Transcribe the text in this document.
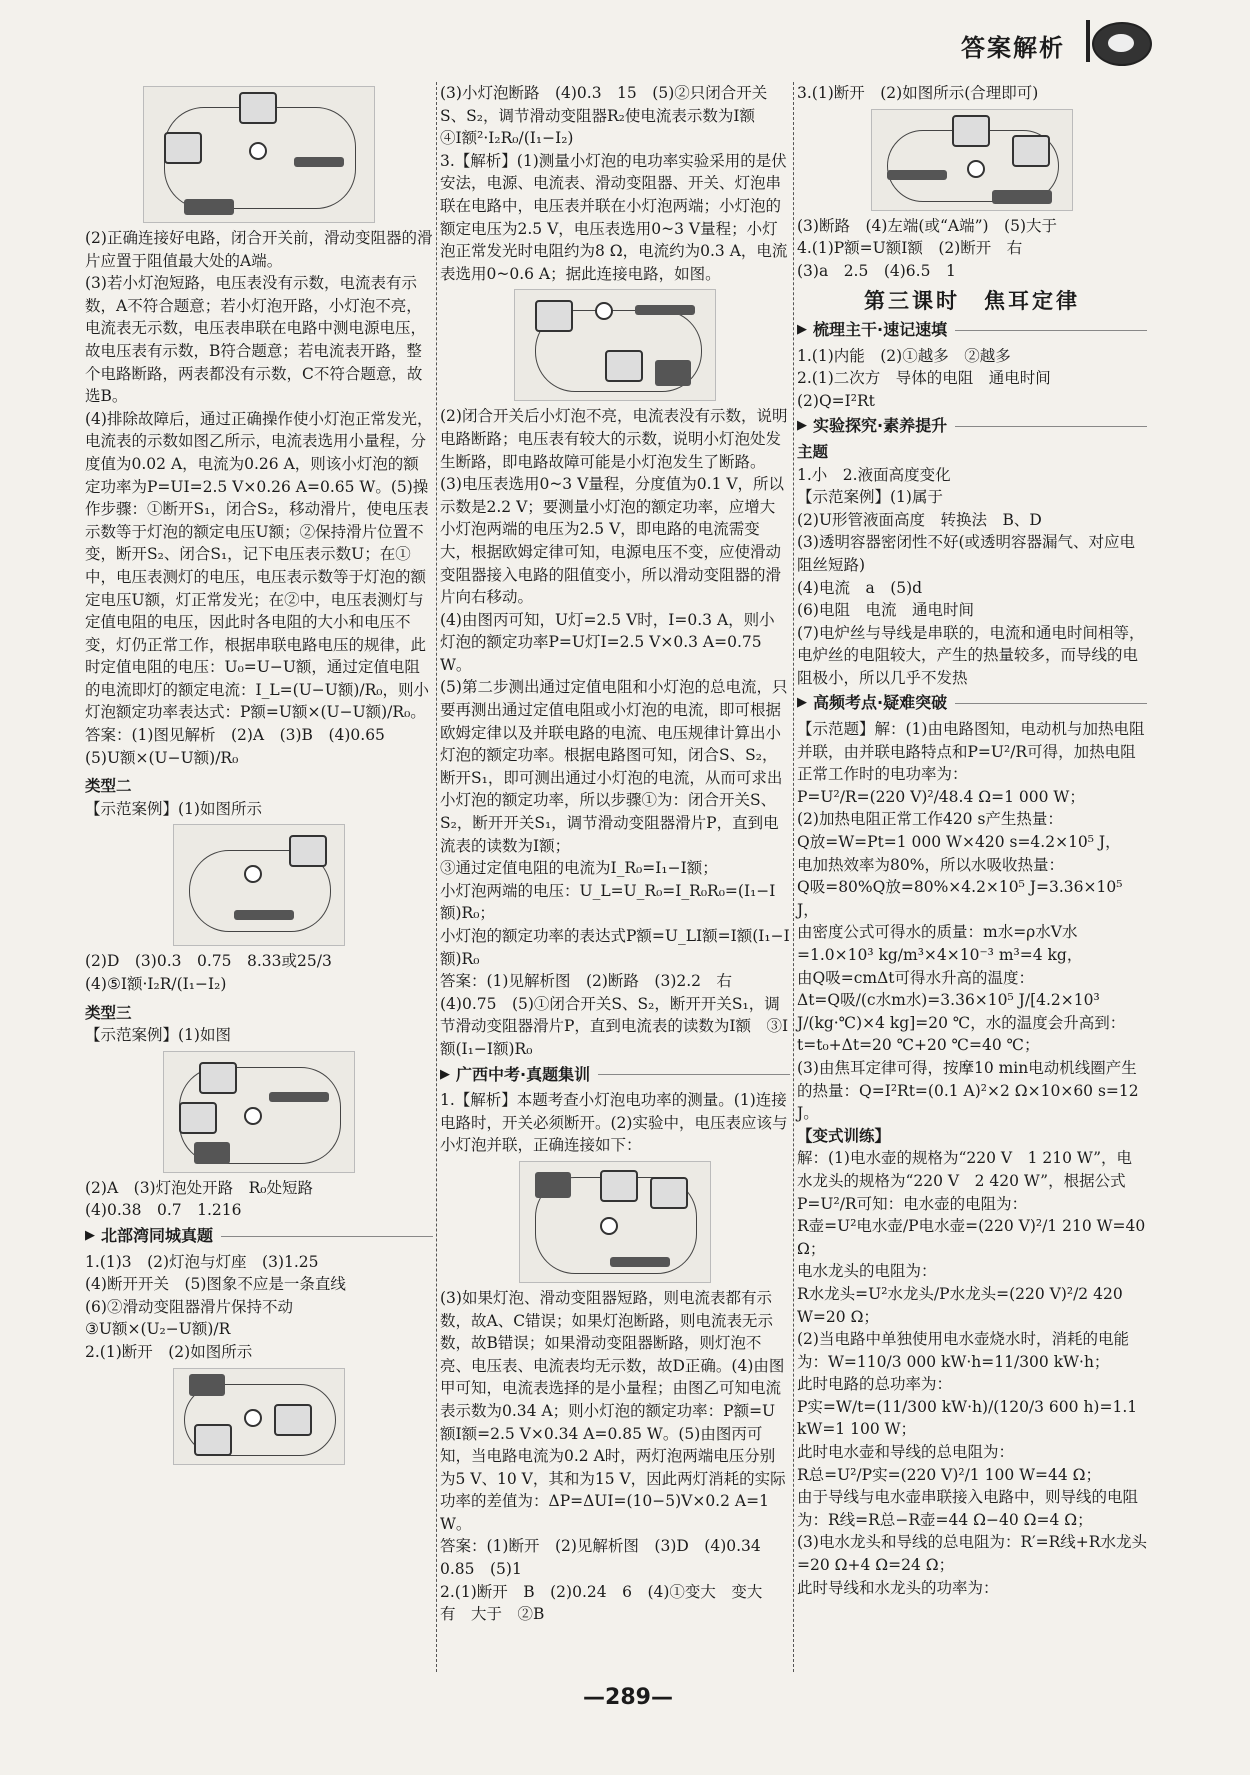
答案解析

(2)正确连接好电路，闭合开关前，滑动变阻器的滑片应置于阻值最大处的A端。

(3)若小灯泡短路，电压表没有示数，电流表有示数，A不符合题意；若小灯泡开路，小灯泡不亮，电流表无示数，电压表串联在电路中测电源电压，故电压表有示数，B符合题意；若电流表开路，整个电路断路，两表都没有示数，C不符合题意，故选B。

(4)排除故障后，通过正确操作使小灯泡正常发光，电流表的示数如图乙所示，电流表选用小量程，分度值为0.02 A，电流为0.26 A，则该小灯泡的额定功率为P=UI=2.5 V×0.26 A=0.65 W。(5)操作步骤：①断开S₁，闭合S₂，移动滑片，使电压表示数等于灯泡的额定电压U额；②保持滑片位置不变，断开S₂、闭合S₁，记下电压表示数U；在①中，电压表测灯的电压，电压表示数等于灯泡的额定电压U额，灯正常发光；在②中，电压表测灯与定值电阻的电压，因此时各电阻的大小和电压不变，灯仍正常工作，根据串联电路电压的规律，此时定值电阻的电压：U₀=U−U额，通过定值电阻的电流即灯的额定电流：I_L=(U−U额)/R₀，则小灯泡额定功率表达式：P额=U额×(U−U额)/R₀。

答案：(1)图见解析　(2)A　(3)B　(4)0.65

(5)U额×(U−U额)/R₀

类型二

【示范案例】(1)如图所示

(2)D　(3)0.3　0.75　8.33或25/3

(4)⑤I额·I₂R/(I₁−I₂)

类型三

【示范案例】(1)如图

(2)A　(3)灯泡处开路　R₀处短路

(4)0.38　0.7　1.216

▶ 北部湾同城真题

1.(1)3　(2)灯泡与灯座　(3)1.25

(4)断开开关　(5)图象不应是一条直线

(6)②滑动变阻器滑片保持不动

③U额×(U₂−U额)/R

2.(1)断开　(2)如图所示

(3)小灯泡断路　(4)0.3　15　(5)②只闭合开关S、S₂，调节滑动变阻器R₂使电流表示数为I额　④I额²·I₂R₀/(I₁−I₂)

3.【解析】(1)测量小灯泡的电功率实验采用的是伏安法，电源、电流表、滑动变阻器、开关、灯泡串联在电路中，电压表并联在小灯泡两端；小灯泡的额定电压为2.5 V，电压表选用0~3 V量程；小灯泡正常发光时电阻约为8 Ω，电流约为0.3 A，电流表选用0~0.6 A；据此连接电路，如图。

(2)闭合开关后小灯泡不亮，电流表没有示数，说明电路断路；电压表有较大的示数，说明小灯泡处发生断路，即电路故障可能是小灯泡发生了断路。

(3)电压表选用0~3 V量程，分度值为0.1 V，所以示数是2.2 V；要测量小灯泡的额定功率，应增大小灯泡两端的电压为2.5 V，即电路的电流需变大，根据欧姆定律可知，电源电压不变，应使滑动变阻器接入电路的阻值变小，所以滑动变阻器的滑片向右移动。

(4)由图丙可知，U灯=2.5 V时，I=0.3 A，则小灯泡的额定功率P=U灯I=2.5 V×0.3 A=0.75 W。

(5)第二步测出通过定值电阻和小灯泡的总电流，只要再测出通过定值电阻或小灯泡的电流，即可根据欧姆定律以及并联电路的电流、电压规律计算出小灯泡的额定功率。根据电路图可知，闭合S、S₂，断开S₁，即可测出通过小灯泡的电流，从而可求出小灯泡的额定功率，所以步骤①为：闭合开关S、S₂，断开开关S₁，调节滑动变阻器滑片P，直到电流表的读数为I额；

③通过定值电阻的电流为I_R₀=I₁−I额；

小灯泡两端的电压：U_L=U_R₀=I_R₀R₀=(I₁−I额)R₀；

小灯泡的额定功率的表达式P额=U_LI额=I额(I₁−I额)R₀

答案：(1)见解析图　(2)断路　(3)2.2　右　(4)0.75　(5)①闭合开关S、S₂，断开开关S₁，调节滑动变阻器滑片P，直到电流表的读数为I额　③I额(I₁−I额)R₀

▶ 广西中考·真题集训

1.【解析】本题考查小灯泡电功率的测量。(1)连接电路时，开关必须断开。(2)实验中，电压表应该与小灯泡并联，正确连接如下：

(3)如果灯泡、滑动变阻器短路，则电流表都有示数，故A、C错误；如果灯泡断路，则电流表无示数，故B错误；如果滑动变阻器断路，则灯泡不亮、电压表、电流表均无示数，故D正确。(4)由图甲可知，电流表选择的是小量程；由图乙可知电流表示数为0.34 A；则小灯泡的额定功率：P额=U额I额=2.5 V×0.34 A=0.85 W。(5)由图丙可知，当电路电流为0.2 A时，两灯泡两端电压分别为5 V、10 V，其和为15 V，因此两灯消耗的实际功率的差值为：ΔP=ΔUI=(10−5)V×0.2 A=1 W。

答案：(1)断开　(2)见解析图　(3)D　(4)0.34　0.85　(5)1

2.(1)断开　B　(2)0.24　6　(4)①变大　变大　有　大于　②B

3.(1)断开　(2)如图所示(合理即可)

(3)断路　(4)左端(或“A端”)　(5)大于

4.(1)P额=U额I额　(2)断开　右

(3)a　2.5　(4)6.5　1

第三课时　焦耳定律
▶ 梳理主干·速记速填

1.(1)内能　(2)①越多　②越多

2.(1)二次方　导体的电阻　通电时间

(2)Q=I²Rt

▶ 实验探究·素养提升

主题

1.小　2.液面高度变化

【示范案例】(1)属于

(2)U形管液面高度　转换法　B、D

(3)透明容器密闭性不好(或透明容器漏气、对应电阻丝短路)

(4)电流　a　(5)d

(6)电阻　电流　通电时间

(7)电炉丝与导线是串联的，电流和通电时间相等，电炉丝的电阻较大，产生的热量较多，而导线的电阻极小，所以几乎不发热

▶ 高频考点·疑难突破

【示范题】解：(1)由电路图知，电动机与加热电阻并联，由并联电路特点和P=U²/R可得，加热电阻正常工作时的电功率为：

P=U²/R=(220 V)²/48.4 Ω=1 000 W；

(2)加热电阻正常工作420 s产生热量：

Q放=W=Pt=1 000 W×420 s=4.2×10⁵ J，

电加热效率为80%，所以水吸收热量：

Q吸=80%Q放=80%×4.2×10⁵ J=3.36×10⁵ J，

由密度公式可得水的质量：m水=ρ水V水=1.0×10³ kg/m³×4×10⁻³ m³=4 kg，

由Q吸=cmΔt可得水升高的温度：

Δt=Q吸/(c水m水)=3.36×10⁵ J/[4.2×10³ J/(kg·℃)×4 kg]=20 ℃，水的温度会升高到：t=t₀+Δt=20 ℃+20 ℃=40 ℃；

(3)由焦耳定律可得，按摩10 min电动机线圈产生的热量：Q=I²Rt=(0.1 A)²×2 Ω×10×60 s=12 J。

【变式训练】

解：(1)电水壶的规格为“220 V　1 210 W”，电水龙头的规格为“220 V　2 420 W”，根据公式P=U²/R可知：电水壶的电阻为：

R壶=U²电水壶/P电水壶=(220 V)²/1 210 W=40 Ω；

电水龙头的电阻为：

R水龙头=U²水龙头/P水龙头=(220 V)²/2 420 W=20 Ω；

(2)当电路中单独使用电水壶烧水时，消耗的电能为：W=110/3 000 kW·h=11/300 kW·h；

此时电路的总功率为：

P实=W/t=(11/300 kW·h)/(120/3 600 h)=1.1 kW=1 100 W；

此时电水壶和导线的总电阻为：

R总=U²/P实=(220 V)²/1 100 W=44 Ω；

由于导线与电水壶串联接入电路中，则导线的电阻为：R线=R总−R壶=44 Ω−40 Ω=4 Ω；

(3)电水龙头和导线的总电阻为：R′=R线+R水龙头=20 Ω+4 Ω=24 Ω；

此时导线和水龙头的功率为：

—289—
